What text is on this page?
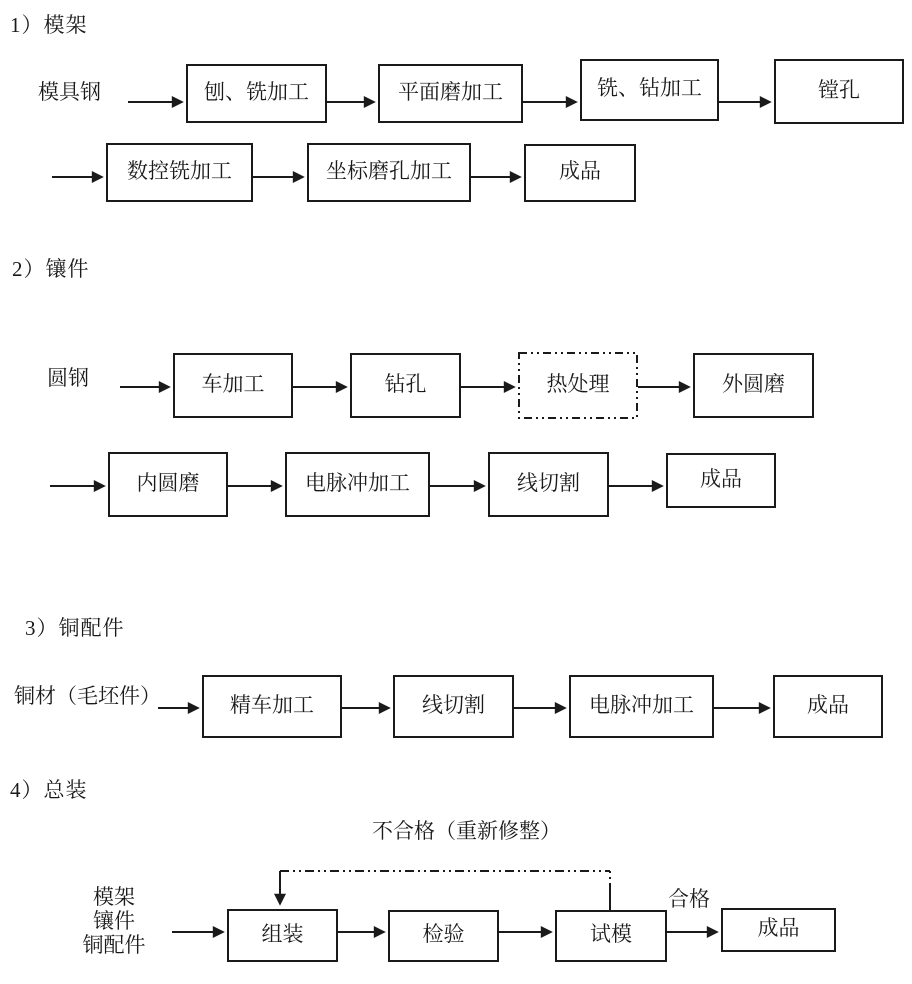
1）模架
模具钢	刨、铣加工	平面磨加工	铣、钻加工	镗孔
数控铣加工	坐标磨孔加工	成品
2）镶件
圆钢	车加工	钻孔	热处理	外圆磨
内圆磨	电脉冲加工	线切割	成品
3）铜配件
铜材（毛坯件）	精车加工	线切割	电脉冲加工	成品
4）总装
不合格（重新修整）
模架
镶件
铜配件	组装	检验	试模
合格
成品
